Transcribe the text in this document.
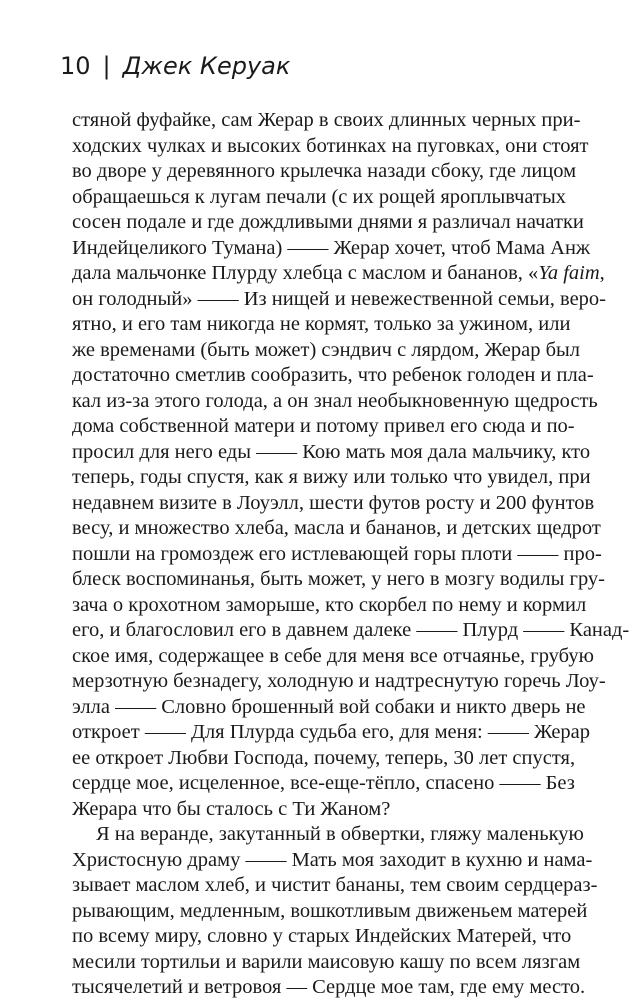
10 | Джек Керуак
стяной фуфайке, сам Жерар в своих длинных черных при-
ходских чулках и высоких ботинках на пуговках, они стоят
во дворе у деревянного крылечка назади сбоку, где лицом
обращаешься к лугам печали (с их рощей яроплывчатых
сосен подале и где дождливыми днями я различал начатки
Индейцеликого Тумана) —— Жерар хочет, чтоб Мама Анж
дала мальчонке Плурду хлебца с маслом и бананов, «Ya faim,
он голодный» —— Из нищей и невежественной семьи, веро-
ятно, и его там никогда не кормят, только за ужином, или
же временами (быть может) сэндвич с лярдом, Жерар был
достаточно сметлив сообразить, что ребенок голоден и пла-
кал из-за этого голода, а он знал необыкновенную щедрость
дома собственной матери и потому привел его сюда и по-
просил для него еды —— Кою мать моя дала мальчику, кто
теперь, годы спустя, как я вижу или только что увидел, при
недавнем визите в Лоуэлл, шести футов росту и 200 фунтов
весу, и множество хлеба, масла и бананов, и детских щедрот
пошли на громоздеж его истлевающей горы плоти —— про-
блеск воспоминанья, быть может, у него в мозгу водилы гру-
зача о крохотном заморыше, кто скорбел по нему и кормил
его, и благословил его в давнем далеке —— Плурд —— Канад-
ское имя, содержащее в себе для меня все отчаянье, грубую
мерзотную безнадегу, холодную и надтреснутую горечь Лоу-
элла —— Словно брошенный вой собаки и никто дверь не
откроет —— Для Плурда судьба его, для меня: —— Жерар
ее откроет Любви Господа, почему, теперь, 30 лет спустя,
сердце мое, исцеленное, все-еще-тёпло, спасено —— Без
Жерара что бы сталось с Ти Жаном?
Я на веранде, закутанный в обвертки, гляжу маленькую
Христосную драму —— Мать моя заходит в кухню и нама-
зывает маслом хлеб, и чистит бананы, тем своим сердцераз-
рывающим, медленным, вошкотливым движеньем матерей
по всему миру, словно у старых Индейских Матерей, что
месили тортильи и варили маисовую кашу по всем лязгам
тысячелетий и ветровоя — Сердце мое там, где ему место.
